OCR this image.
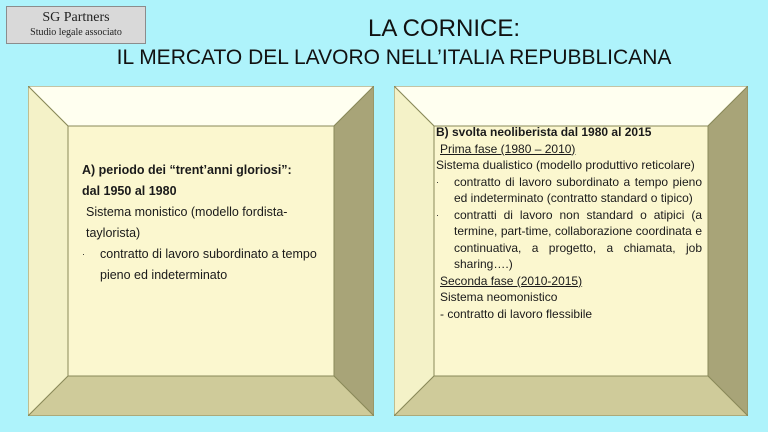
SG Partners
Studio legale associato	LA CORNICE:
IL MERCATO DEL LAVORO NELL’ITALIA REPUBBLICANA

A) periodo dei “trent’anni gloriosi”:

dal 1950 al 1980

Sistema monistico (modello fordista-taylorista)

·	contratto di lavoro subordinato a tempo pieno ed indeterminato

B) svolta neoliberista dal 1980 al 2015

Prima fase (1980 – 2010)

Sistema dualistico (modello produttivo reticolare)

·	contratto di lavoro subordinato a tempo pieno ed indeterminato (contratto standard o tipico)
·	contratti di lavoro non standard o atipici (a termine, part-time, collaborazione coordinata e continuativa, a progetto, a chiamata, job sharing….)

Seconda fase (2010-2015)

Sistema neomonistico

- contratto di lavoro flessibile
